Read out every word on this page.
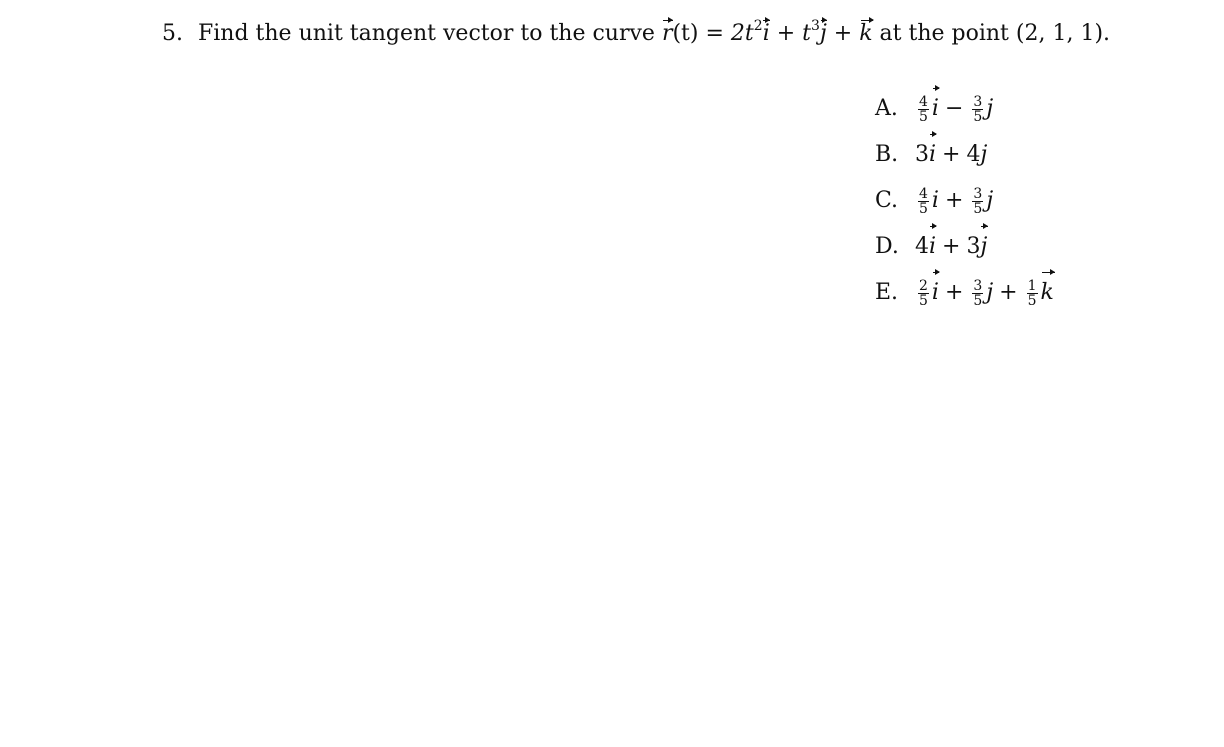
5. Find the unit tangent vector to the curve $r(t) = 2t^2i + t^3j + k$ at the point (2, 1, 1).
A.	$\frac{4}{5}$ $i - \frac{3}{5}$ j
B. 3 i + 4 j
C.	$\frac{4}{5}$ $i + \frac{3}{5}$ j
D. 4 i + 3 j
E.	$\frac{2}{5}$ $i + \frac{3}{5}$ $j + \frac{1}{5}$ k
